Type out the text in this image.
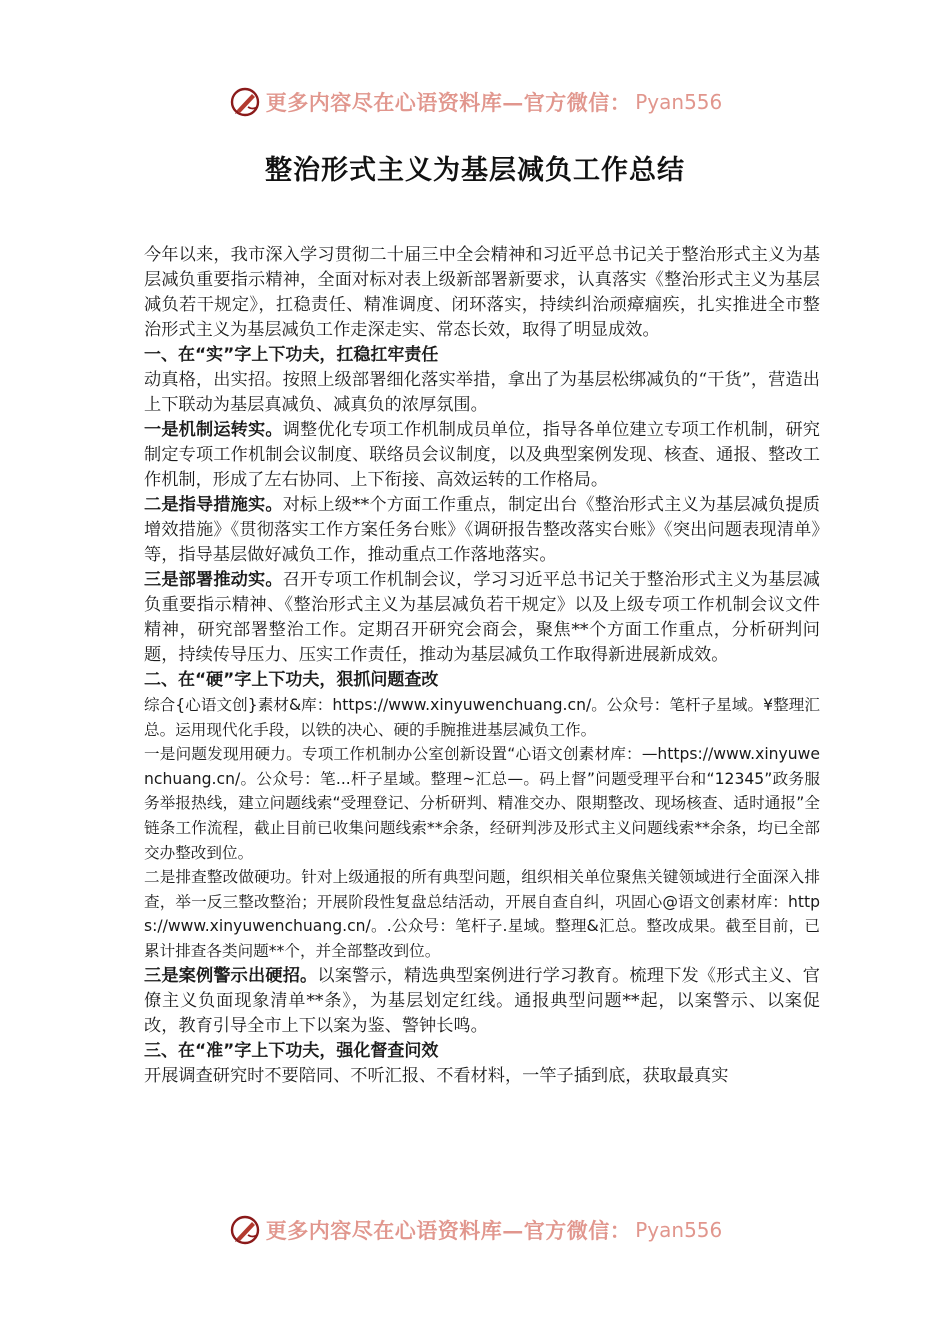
更多内容尽在心语资料库—官方微信： Pyan556
整治形式主义为基层减负工作总结

今年以来，我市深入学习贯彻二十届三中全会精神和习近平总书记关于整治形式主义为基层减负重要指示精神，全面对标对表上级新部署新要求，认真落实《整治形式主义为基层减负若干规定》，扛稳责任、精准调度、闭环落实，持续纠治顽瘴痼疾，扎实推进全市整治形式主义为基层减负工作走深走实、常态长效，取得了明显成效。

一、在“实”字上下功夫，扛稳扛牢责任

动真格，出实招。按照上级部署细化落实举措，拿出了为基层松绑减负的“干货”，营造出上下联动为基层真减负、减真负的浓厚氛围。

一是机制运转实。调整优化专项工作机制成员单位，指导各单位建立专项工作机制，研究制定专项工作机制会议制度、联络员会议制度，以及典型案例发现、核查、通报、整改工作机制，形成了左右协同、上下衔接、高效运转的工作格局。

二是指导措施实。对标上级**个方面工作重点，制定出台《整治形式主义为基层减负提质增效措施》《贯彻落实工作方案任务台账》《调研报告整改落实台账》《突出问题表现清单》等，指导基层做好减负工作，推动重点工作落地落实。

三是部署推动实。召开专项工作机制会议，学习习近平总书记关于整治形式主义为基层减负重要指示精神、《整治形式主义为基层减负若干规定》以及上级专项工作机制会议文件精神，研究部署整治工作。定期召开研究会商会，聚焦**个方面工作重点，分析研判问题，持续传导压力、压实工作责任，推动为基层减负工作取得新进展新成效。

二、在“硬”字上下功夫，狠抓问题查改

综合{心语文创}素材&库：https://www.xinyuwenchuang.cn/。公众号：笔杆子星域。¥整理汇总。运用现代化手段，以铁的决心、硬的手腕推进基层减负工作。

一是问题发现用硬力。专项工作机制办公室创新设置“心语文创素材库：—https://www.xinyuwenchuang.cn/。公众号：笔...杆子星域。整理~汇总—。码上督”问题受理平台和“12345”政务服务举报热线，建立问题线索“受理登记、分析研判、精准交办、限期整改、现场核查、适时通报”全链条工作流程，截止目前已收集问题线索**余条，经研判涉及形式主义问题线索**余条，均已全部交办整改到位。

二是排查整改做硬功。针对上级通报的所有典型问题，组织相关单位聚焦关键领域进行全面深入排查，举一反三整改整治；开展阶段性复盘总结活动，开展自查自纠，巩固心@语文创素材库：https://www.xinyuwenchuang.cn/。.公众号：笔杆子.星域。整理&汇总。整改成果。截至目前，已累计排查各类问题**个，并全部整改到位。

三是案例警示出硬招。以案警示，精选典型案例进行学习教育。梳理下发《形式主义、官僚主义负面现象清单**条》，为基层划定红线。通报典型问题**起，以案警示、以案促改，教育引导全市上下以案为鉴、警钟长鸣。

三、在“准”字上下功夫，强化督查问效

开展调查研究时不要陪同、不听汇报、不看材料，一竿子插到底，获取最真实

更多内容尽在心语资料库—官方微信： Pyan556
